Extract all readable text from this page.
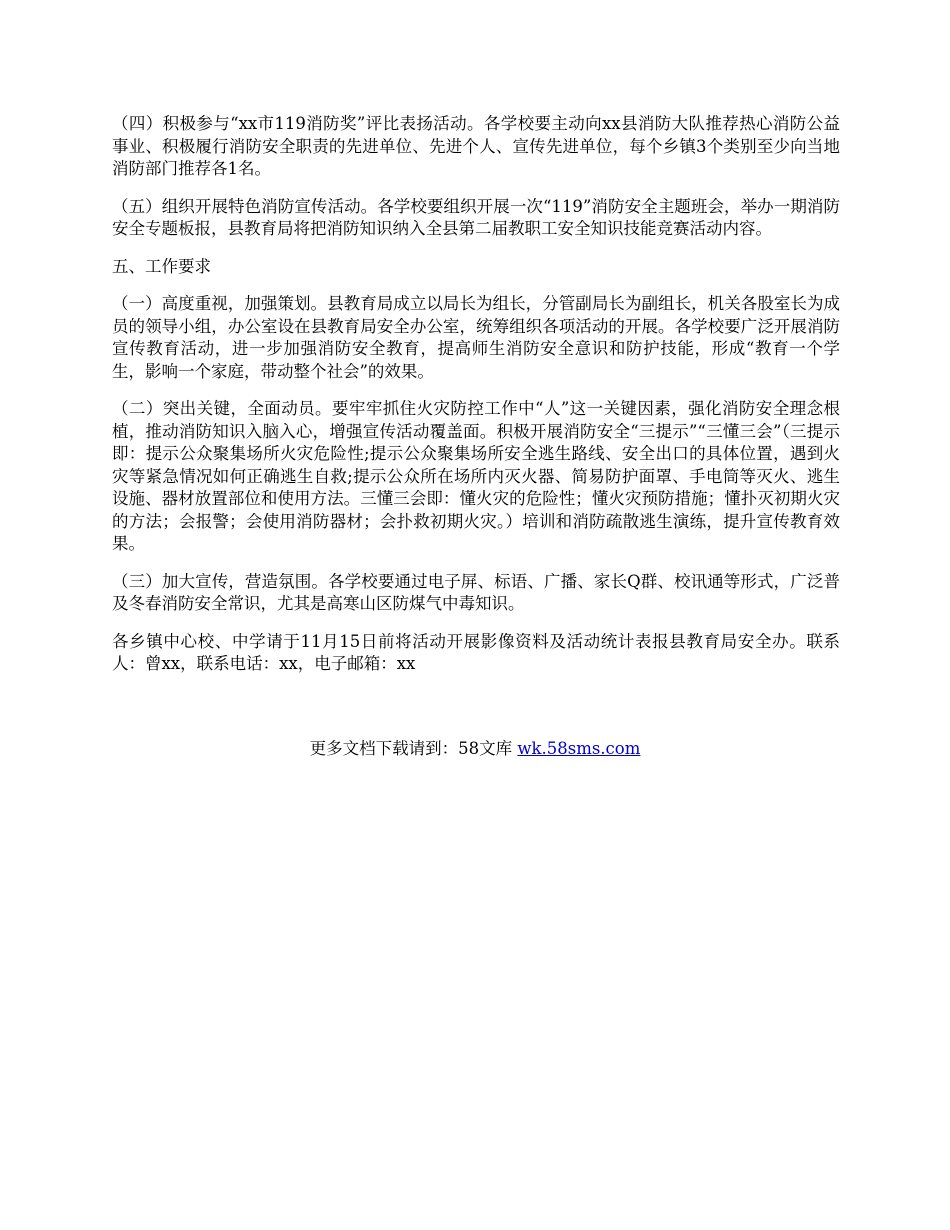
（四）积极参与“xx市119消防奖”评比表扬活动。各学校要主动向xx县消防大队推荐热心消防公益事业、积极履行消防安全职责的先进单位、先进个人、宣传先进单位，每个乡镇3个类别至少向当地消防部门推荐各1名。

（五）组织开展特色消防宣传活动。各学校要组织开展一次“119”消防安全主题班会，举办一期消防安全专题板报，县教育局将把消防知识纳入全县第二届教职工安全知识技能竞赛活动内容。

五、工作要求

（一）高度重视，加强策划。县教育局成立以局长为组长，分管副局长为副组长，机关各股室长为成员的领导小组，办公室设在县教育局安全办公室，统筹组织各项活动的开展。各学校要广泛开展消防宣传教育活动，进一步加强消防安全教育，提高师生消防安全意识和防护技能，形成“教育一个学生，影响一个家庭，带动整个社会”的效果。

（二）突出关键，全面动员。要牢牢抓住火灾防控工作中“人”这一关键因素，强化消防安全理念根植，推动消防知识入脑入心，增强宣传活动覆盖面。积极开展消防安全“三提示”“三懂三会”（三提示即：提示公众聚集场所火灾危险性;提示公众聚集场所安全逃生路线、安全出口的具体位置，遇到火灾等紧急情况如何正确逃生自救;提示公众所在场所内灭火器、简易防护面罩、手电筒等灭火、逃生设施、器材放置部位和使用方法。三懂三会即：懂火灾的危险性；懂火灾预防措施；懂扑灭初期火灾的方法；会报警；会使用消防器材；会扑救初期火灾。）培训和消防疏散逃生演练，提升宣传教育效果。

（三）加大宣传，营造氛围。各学校要通过电子屏、标语、广播、家长Q群、校讯通等形式，广泛普及冬春消防安全常识，尤其是高寒山区防煤气中毒知识。

各乡镇中心校、中学请于11月15日前将活动开展影像资料及活动统计表报县教育局安全办。联系人：曾xx，联系电话：xx，电子邮箱：xx

更多文档下载请到：58文库 wk.58sms.com
